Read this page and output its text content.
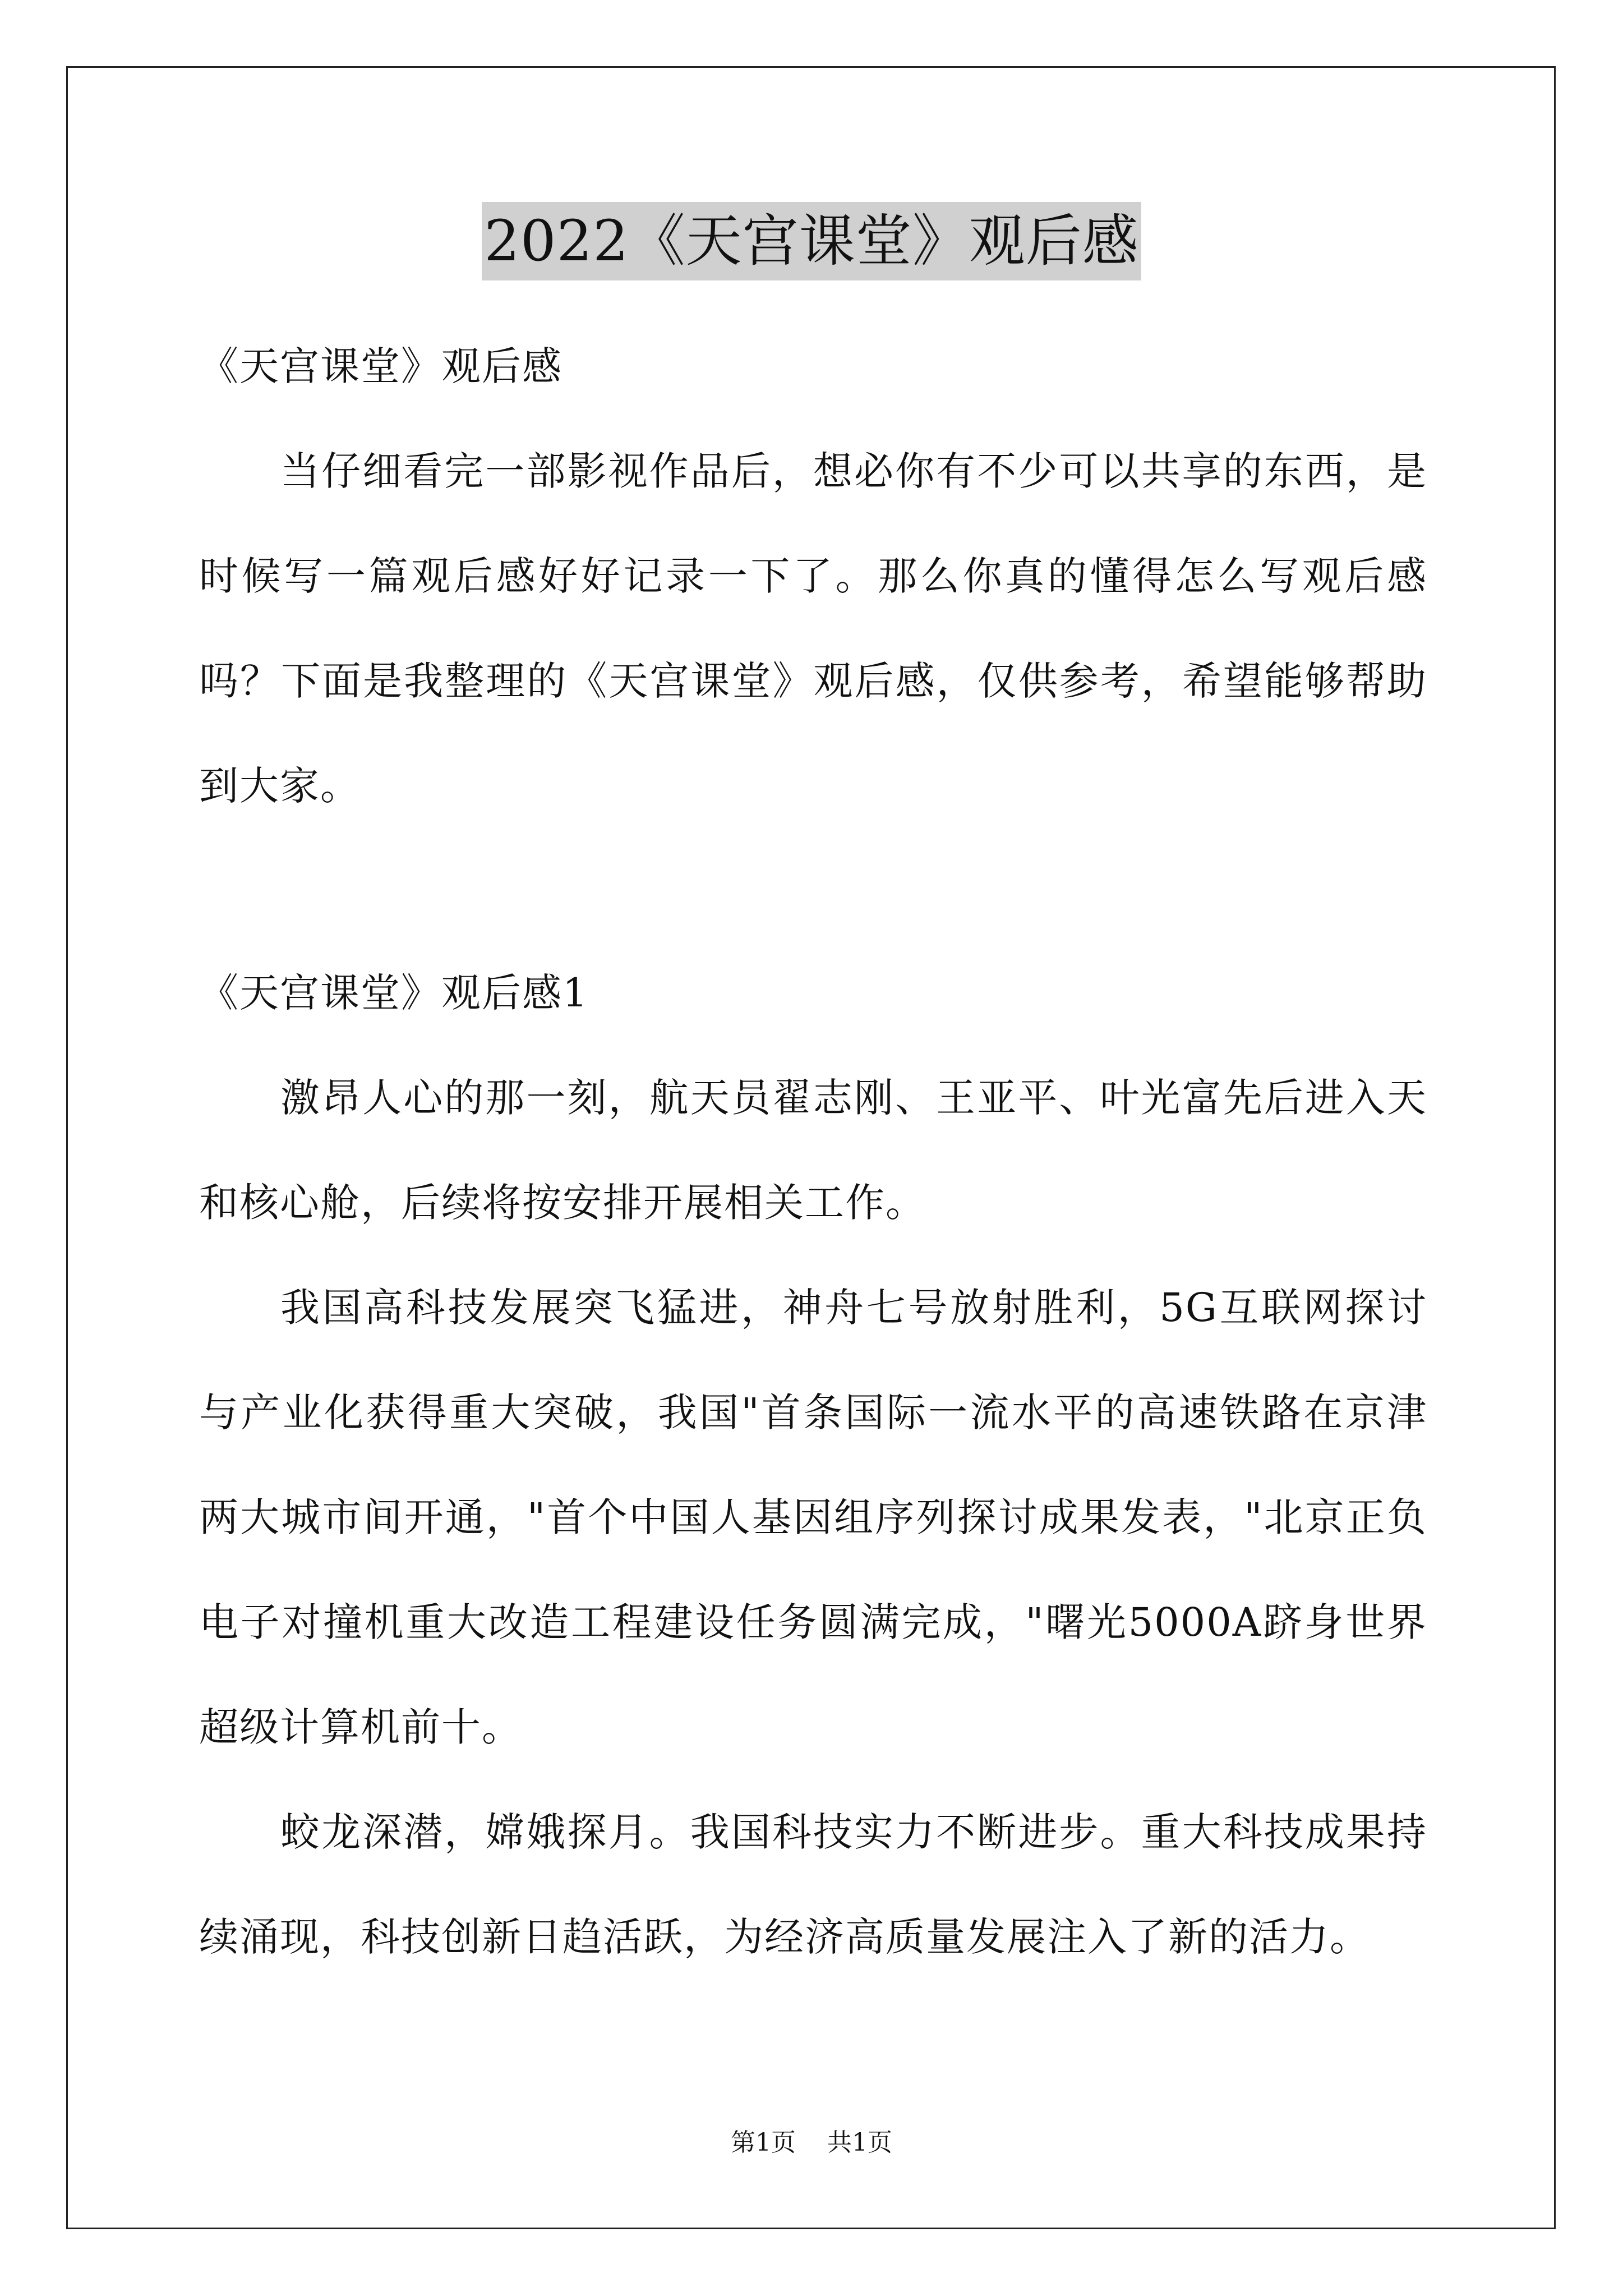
2022《天宫课堂》观后感

《天宫课堂》观后感

当仔细看完一部影视作品后，想必你有不少可以共享的东西，是时候写一篇观后感好好记录一下了。那么你真的懂得怎么写观后感吗？下面是我整理的《天宫课堂》观后感，仅供参考，希望能够帮助到大家。

《天宫课堂》观后感1

激昂人心的那一刻，航天员翟志刚、王亚平、叶光富先后进入天和核心舱，后续将按安排开展相关工作。

我国高科技发展突飞猛进，神舟七号放射胜利，5G互联网探讨与产业化获得重大突破，我国"首条国际一流水平的高速铁路在京津两大城市间开通，"首个中国人基因组序列探讨成果发表，"北京正负电子对撞机重大改造工程建设任务圆满完成，"曙光5000A跻身世界超级计算机前十。

蛟龙深潜，嫦娥探月。我国科技实力不断进步。重大科技成果持续涌现，科技创新日趋活跃，为经济高质量发展注入了新的活力。

第1页 共1页
